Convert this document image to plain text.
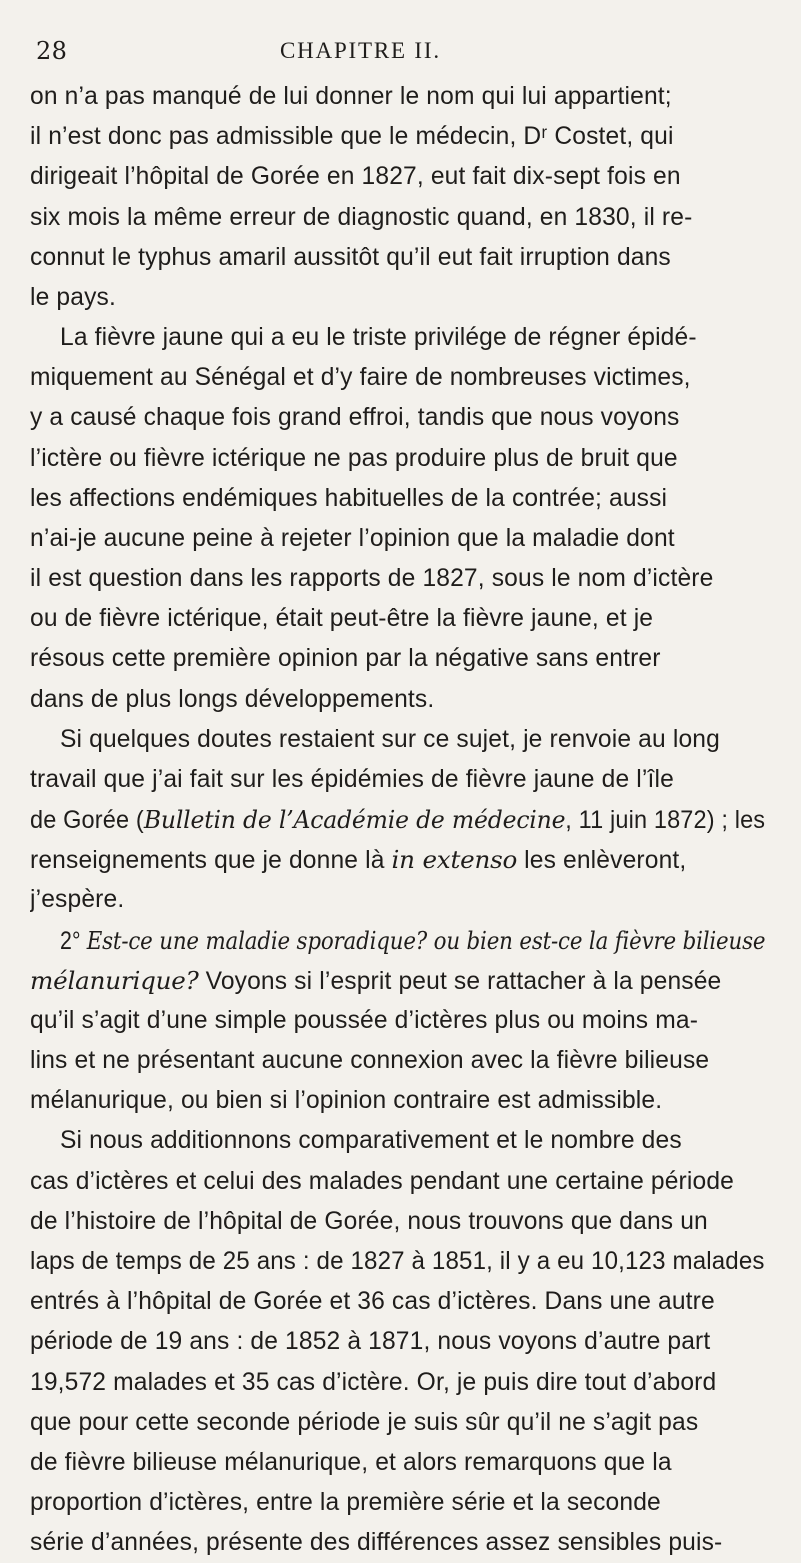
28	CHAPITRE II.
on n’a pas manqué de lui donner le nom qui lui appartient;
il n’est donc pas admissible que le médecin, Dʳ Costet, qui
dirigeait l’hôpital de Gorée en 1827, eut fait dix-sept fois en
six mois la même erreur de diagnostic quand, en 1830, il re-
connut le typhus amaril aussitôt qu’il eut fait irruption dans
le pays.
La fièvre jaune qui a eu le triste privilége de régner épidé-
miquement au Sénégal et d’y faire de nombreuses victimes,
y a causé chaque fois grand effroi, tandis que nous voyons
l’ictère ou fièvre ictérique ne pas produire plus de bruit que
les affections endémiques habituelles de la contrée; aussi
n’ai-je aucune peine à rejeter l’opinion que la maladie dont
il est question dans les rapports de 1827, sous le nom d’ictère
ou de fièvre ictérique, était peut-être la fièvre jaune, et je
résous cette première opinion par la négative sans entrer
dans de plus longs développements.
Si quelques doutes restaient sur ce sujet, je renvoie au long
travail que j’ai fait sur les épidémies de fièvre jaune de l’île
de Gorée (Bulletin de l’Académie de médecine, 11 juin 1872) ; les
renseignements que je donne là in extenso les enlèveront,
j’espère.
2° Est-ce une maladie sporadique? ou bien est-ce la fièvre bilieuse
mélanurique? Voyons si l’esprit peut se rattacher à la pensée
qu’il s’agit d’une simple poussée d’ictères plus ou moins ma-
lins et ne présentant aucune connexion avec la fièvre bilieuse
mélanurique, ou bien si l’opinion contraire est admissible.
Si nous additionnons comparativement et le nombre des
cas d’ictères et celui des malades pendant une certaine période
de l’histoire de l’hôpital de Gorée, nous trouvons que dans un
laps de temps de 25 ans : de 1827 à 1851, il y a eu 10,123 malades
entrés à l’hôpital de Gorée et 36 cas d’ictères. Dans une autre
période de 19 ans : de 1852 à 1871, nous voyons d’autre part
19,572 malades et 35 cas d’ictère. Or, je puis dire tout d’abord
que pour cette seconde période je suis sûr qu’il ne s’agit pas
de fièvre bilieuse mélanurique, et alors remarquons que la
proportion d’ictères, entre la première série et la seconde
série d’années, présente des différences assez sensibles puis-
